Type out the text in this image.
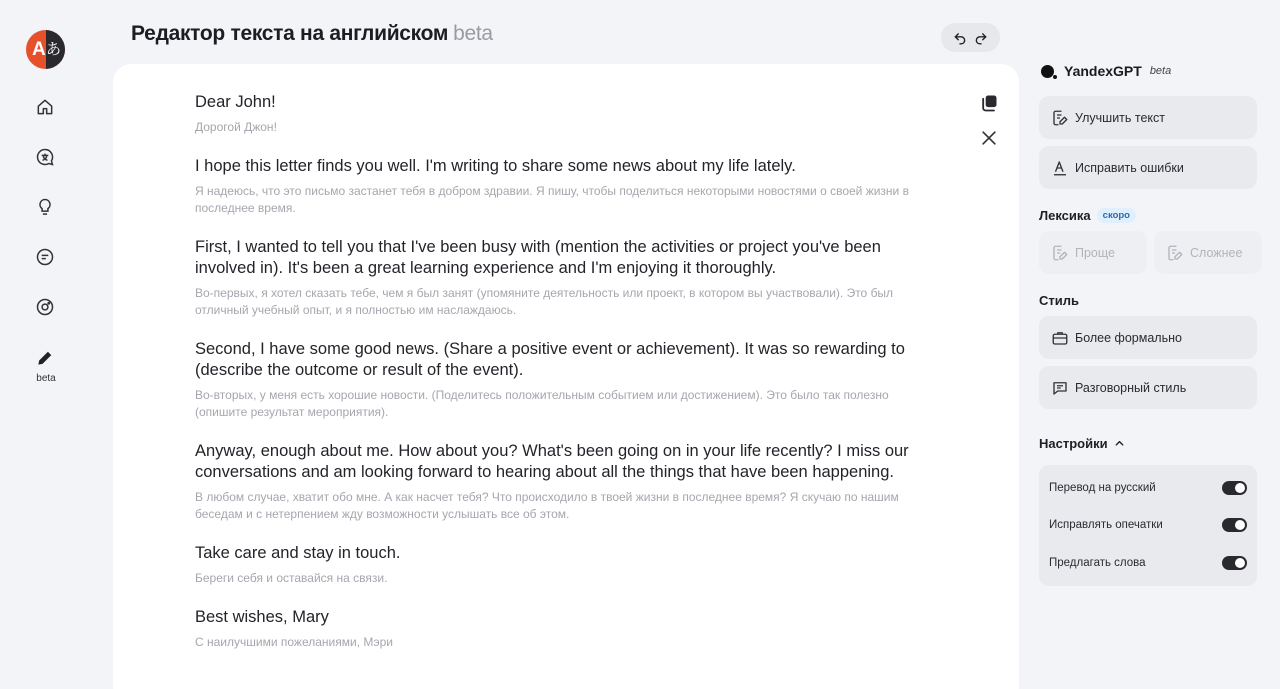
A あ
beta
Редактор текста на английском beta
Dear John!
Дорогой Джон!
I hope this letter finds you well. I'm writing to share some news about my life lately.
Я надеюсь, что это письмо застанет тебя в добром здравии. Я пишу, чтобы поделиться некоторыми новостями о своей жизни в последнее время.
First, I wanted to tell you that I've been busy with (mention the activities or project you've been involved in). It's been a great learning experience and I'm enjoying it thoroughly.
Во-первых, я хотел сказать тебе, чем я был занят (упомяните деятельность или проект, в котором вы участвовали). Это был отличный учебный опыт, и я полностью им наслаждаюсь.
Second, I have some good news. (Share a positive event or achievement). It was so rewarding to (describe the outcome or result of the event).
Во-вторых, у меня есть хорошие новости. (Поделитесь положительным событием или достижением). Это было так полезно (опишите результат мероприятия).
Anyway, enough about me. How about you? What's been going on in your life recently? I miss our conversations and am looking forward to hearing about all the things that have been happening.
В любом случае, хватит обо мне. А как насчет тебя? Что происходило в твоей жизни в последнее время? Я скучаю по нашим беседам и с нетерпением жду возможности услышать все об этом.
Take care and stay in touch.
Береги себя и оставайся на связи.
Best wishes, Mary
С наилучшими пожеланиями, Мэри
YandexGPT beta
Улучшить текст
Исправить ошибки
Лексика	скоро
Проще	Сложнее
Стиль
Более формально
Разговорный стиль
Настройки
Перевод на русский
Исправлять опечатки
Предлагать слова
